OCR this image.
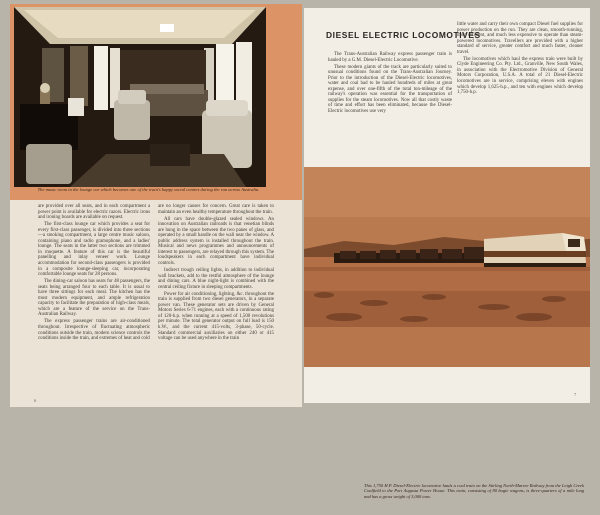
The music room in the lounge car which becomes one of the train's happy social centres during the run across Australia.

are provided over all seats, and in each compartment a power point is available for electric razors. Electric irons and ironing boards are available on request.

The first-class lounge car which provides a seat for every first-class passenger, is divided into three sections—a smoking compartment, a large centre music saloon, containing piano and radio gramophone, and a ladies' lounge. The seats in the latter two sections are trimmed in moquette. A feature of this car is the beautiful panelling and inlay veneer work. Lounge accommodation for second-class passengers is provided in a composite lounge-sleeping car, incorporating comfortable lounge seats for 28 persons.

The dining-car saloon has seats for 48 passengers, the seats being arranged four to each table. It is usual to have three sittings for each meal. The kitchen has the most modern equipment, and ample refrigeration capacity to facilitate the preparation of high-class meals, which are a feature of the service on the Trans-Australian Railway.

The express passenger trains are air-conditioned throughout. Irrespective of fluctuating atmospheric conditions outside the train, modern science controls the conditions inside the train, and extremes of heat and cold

are no longer causes for concern. Great care is taken to maintain an even healthy temperature throughout the train.

All cars have double-glazed sealed windows. An innovation on Australian railroads is that venetian blinds are hung in the space between the two panes of glass, and operated by a small handle on the wall near the window. A public address system is installed throughout the train. Musical and news programmes and announcements of interest to passengers, are relayed through this system. The loudspeakers in each compartment have individual controls.

Indirect trough ceiling lights, in addition to individual wall brackets, add to the restful atmosphere of the lounge and dining cars. A blue night-light is combined with the central ceiling fixture in sleeping compartments.

Power for air conditioning, lighting, &c. throughout the train is supplied from two diesel generators, in a separate power van. These generator sets are driven by General Motors Series 6-71 engines, each with a continuous rating of 120-h.p. when running at a speed of 1,500 revolutions per minute. The total generator output on full load is 150 k.W., and the current 415-volts, 3-phase, 50-cycle. Standard commercial auxiliaries on either 240 or 415 voltage can be used anywhere in the train

6
DIESEL ELECTRIC LOCOMOTIVES

The Trans-Australian Railway express passenger train is hauled by a G.M. Diesel-Electric Locomotive.

These modern giants of the track are particularly suited to unusual conditions found on the Trans-Australian Journey. Prior to the introduction of the Diesel-Electric locomotives, water and coal had to be hauled hundreds of miles at great expense, and over one-fifth of the total ton-mileage of the railway's operation was essential for the transportation of supplies for the steam locomotives. Now all that costly waste of time and effort has been eliminated, because the Diesel-Electric locomotives use very

little water and carry their own compact Diesel fuel supplies for power production on the run. They are clean, smooth-running, most efficient, and much less expensive to operate than steam-powered locomotives. Travellers are provided with a higher standard of service, greater comfort and much faster, cleaner travel.

The locomotives which haul the express train were built by Clyde Engineering Co. Pty. Ltd., Granville, New South Wales, in association with the Electromotive Division of General Motors Corporation, U.S.A. A total of 21 Diesel-Electric locomotives are in service, comprising eleven with engines which develop 1,625-h.p., and ten with engines which develop 1,750-h.p.

This 1,750 H.P. Diesel-Electric locomotive hauls a coal train on the Stirling North-Marree Railway from the Leigh Creek Coalfield to the Port Augusta Power House. This train, consisting of 80 bogie wagons, is three-quarters of a mile long and has a gross weight of 3,000 tons.
7
